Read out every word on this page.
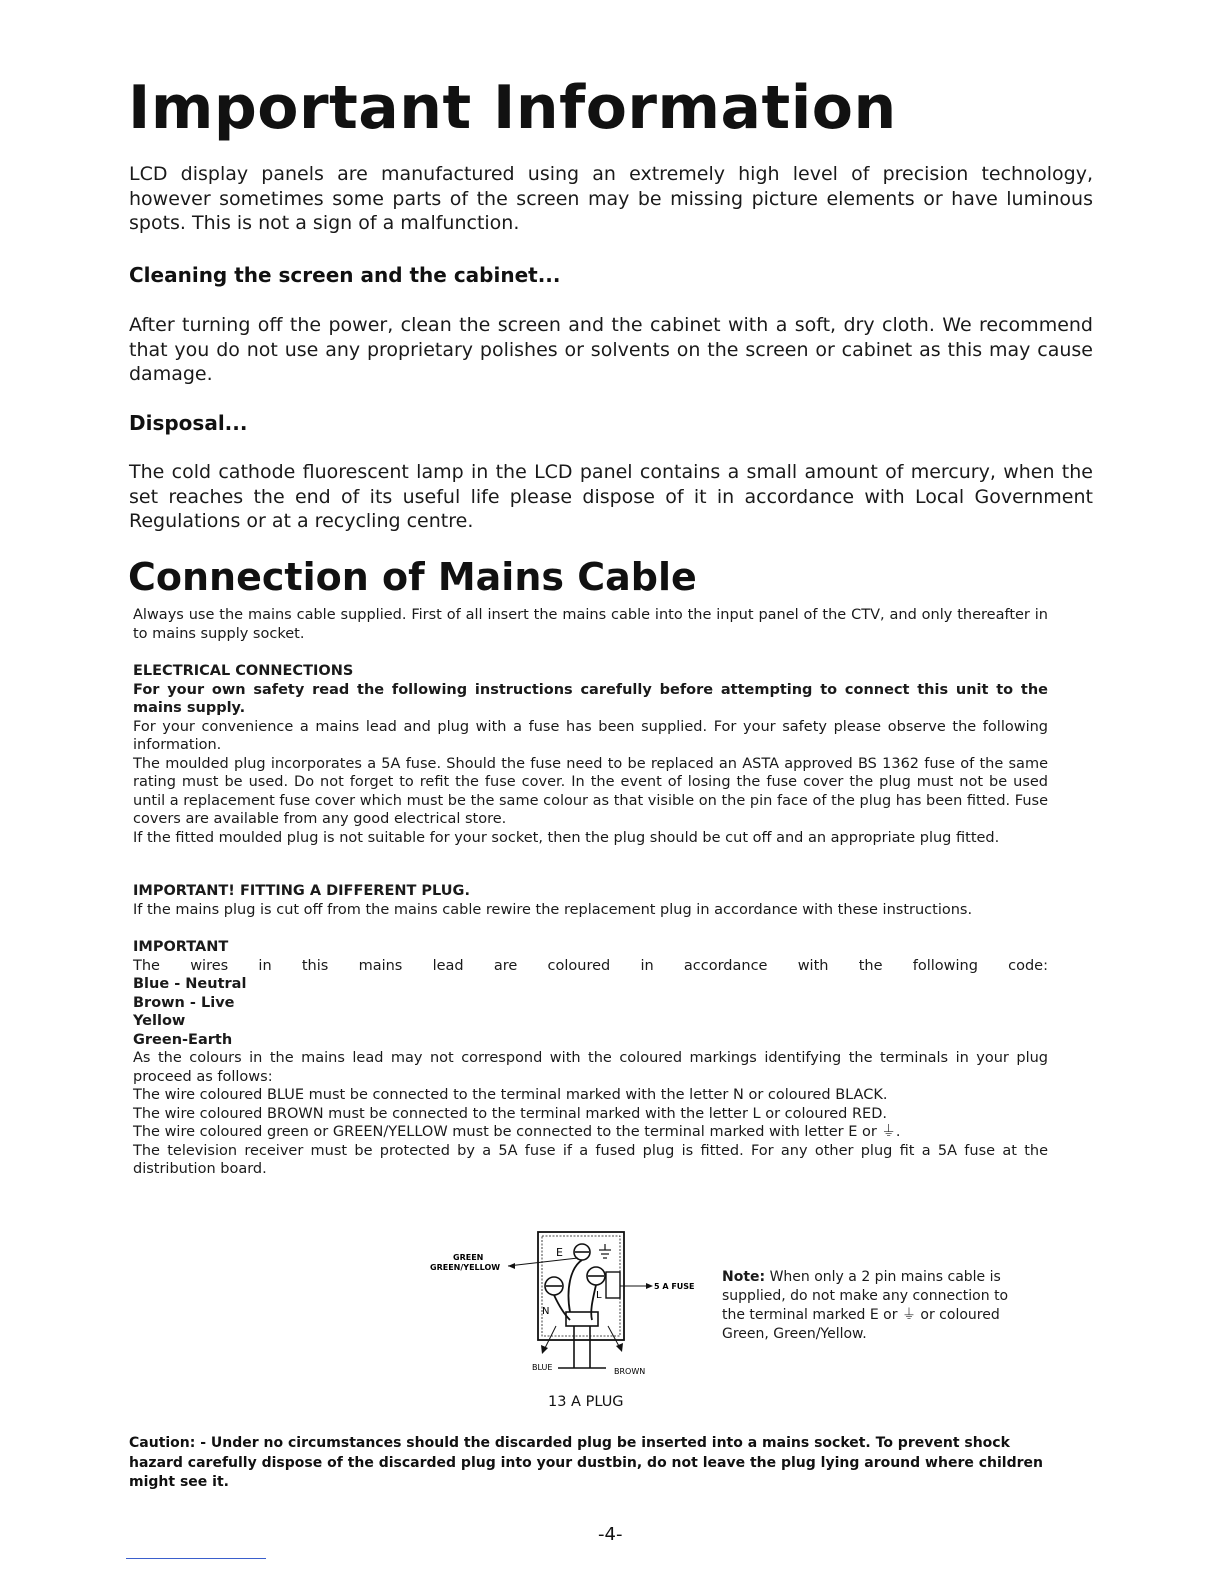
Important Information

LCD display panels are manufactured using an extremely high level of precision technology, however sometimes some parts of the screen may be missing picture elements or have luminous spots. This is not a sign of a malfunction.

Cleaning the screen and the cabinet...

After turning off the power, clean the screen and the cabinet with a soft, dry cloth. We recommend that you do not use any proprietary polishes or solvents on the screen or cabinet as this may cause damage.

Disposal...

The cold cathode fluorescent lamp in the LCD panel contains a small amount of mercury, when the set reaches the end of its useful life please dispose of it in accordance with Local Government Regulations or at a recycling centre.

Connection of Mains Cable

Always use the mains cable supplied. First of all insert the mains cable into the input panel of the CTV, and only thereafter in to mains supply socket.

ELECTRICAL CONNECTIONS
For your own safety read the following instructions carefully before attempting to connect this unit to the mains supply.
For your convenience a mains lead and plug with a fuse has been supplied. For your safety please observe the following information.
The moulded plug incorporates a 5A fuse. Should the fuse need to be replaced an ASTA approved BS 1362 fuse of the same rating must be used. Do not forget to refit the fuse cover. In the event of losing the fuse cover the plug must not be used until a replacement fuse cover which must be the same colour as that visible on the pin face of the plug has been fitted. Fuse covers are available from any good electrical store.
If the fitted moulded plug is not suitable for your socket, then the plug should be cut off and an appropriate plug fitted.
IMPORTANT! FITTING A DIFFERENT PLUG.
If the mains plug is cut off from the mains cable rewire the replacement plug in accordance with these instructions.
IMPORTANT
The wires in this mains lead are coloured in accordance with the following code:
Blue - Neutral
Brown - Live
Yellow
Green-Earth
As the colours in the mains lead may not correspond with the coloured markings identifying the terminals in your plug proceed as follows:
The wire coloured BLUE must be connected to the terminal marked with the letter N or coloured BLACK.
The wire coloured BROWN must be connected to the terminal marked with the letter L or coloured RED.
The wire coloured green or GREEN/YELLOW must be connected to the terminal marked with letter E or ⏚.
The television receiver must be protected by a 5A fuse if a fused plug is fitted. For any other plug fit a 5A fuse at the distribution board.
E
N
L
GREEN
GREEN/YELLOW
5 A FUSE
BLUE	BROWN

13 A PLUG

Note: When only a 2 pin mains cable is supplied, do not make any connection to the terminal marked E or ⏚ or coloured Green, Green/Yellow.

Caution: - Under no circumstances should the discarded plug be inserted into a mains socket. To prevent shock hazard carefully dispose of the discarded plug into your dustbin, do not leave the plug lying around where children might see it.

-4-
